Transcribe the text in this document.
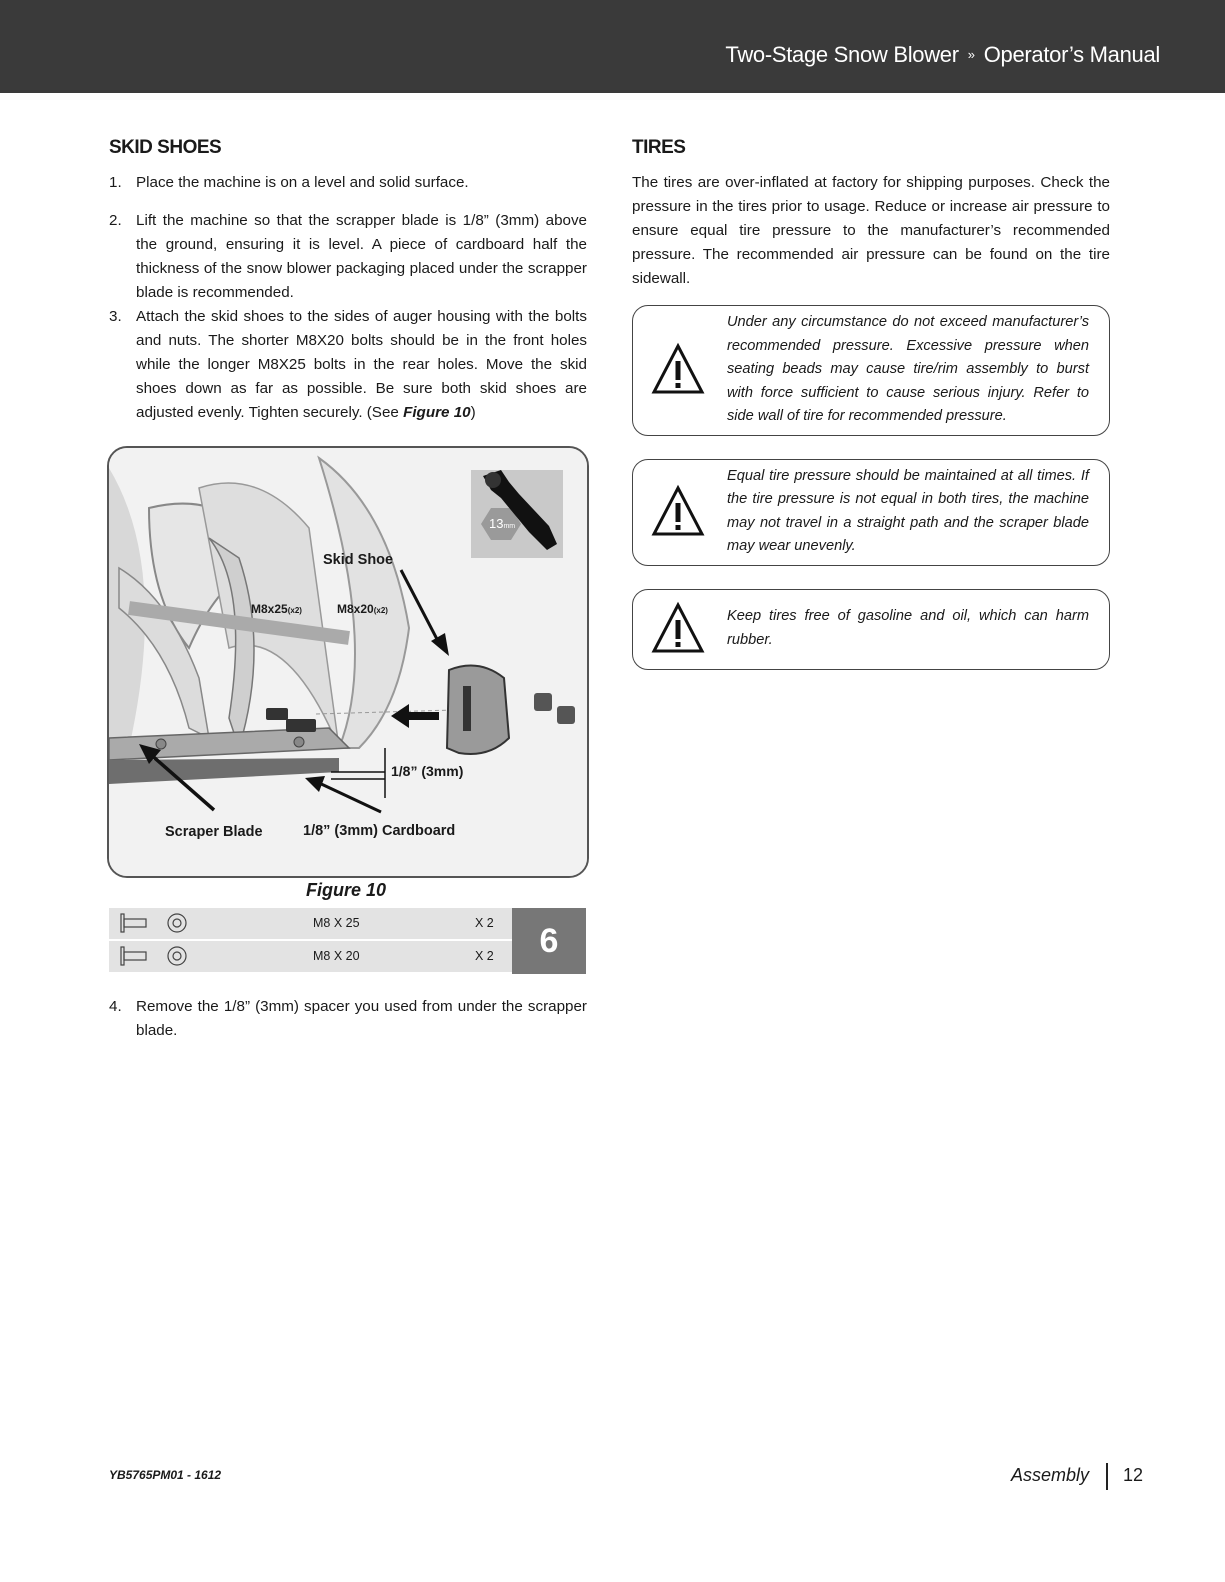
Two-Stage Snow Blower » Operator’s Manual
SKID SHOES
1. Place the machine is on a level and solid surface.
2. Lift the machine so that the scrapper blade is 1/8” (3mm) above the ground, ensuring it is level. A piece of cardboard half the thickness of the snow blower packaging placed under the scrapper blade is recommended.
3. Attach the skid shoes to the sides of auger housing with the bolts and nuts. The shorter M8X20 bolts should be in the front holes while the longer M8X25 bolts in the rear holes. Move the skid shoes down as far as possible. Be sure both skid shoes are adjusted evenly. Tighten securely. (See Figure 10)
Skid Shoe
M8x25(x2)	M8x20(x2)
1/8” (3mm)
Scraper Blade	1/8” (3mm) Cardboard
13mm
Figure 10
M8 X 25	X 2
M8 X 20	X 2	6
4. Remove the 1/8” (3mm) spacer you used from under the scrapper blade.
TIRES

The tires are over-inflated at factory for shipping purposes. Check the pressure in the tires prior to usage. Reduce or increase air pressure to ensure equal tire pressure to the manufacturer’s recommended pressure. The recommended air pressure can be found on the tire sidewall.

Under any circumstance do not exceed manufacturer’s recommended pressure. Excessive pressure when seating beads may cause tire/rim assembly to burst with force sufficient to cause serious injury. Refer to side wall of tire for recommended pressure.
Equal tire pressure should be maintained at all times. If the tire pressure is not equal in both tires, the machine may not travel in a straight path and the scraper blade may wear unevenly.
Keep tires free of gasoline and oil, which can harm rubber.
YB5765PM01 - 1612	Assembly 12
